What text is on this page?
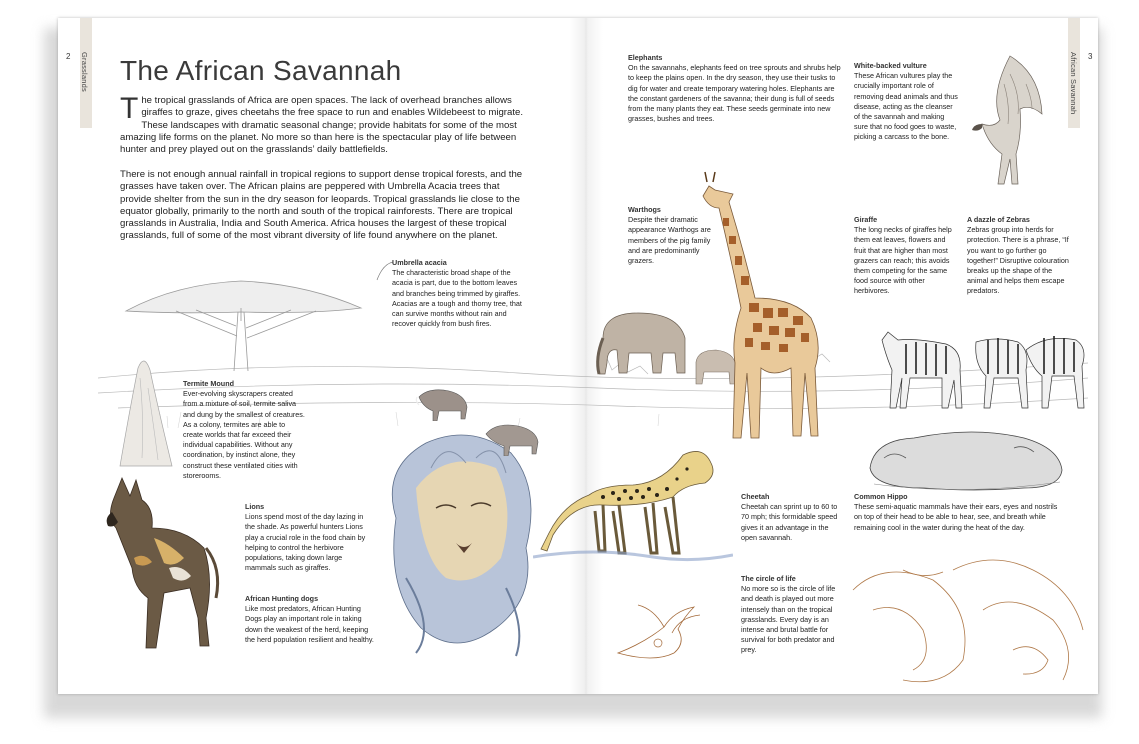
2 Grasslands The African Savannah

The tropical grasslands of Africa are open spaces. The lack of overhead branches allows giraffes to graze, gives cheetahs the free space to run and enables Wildebeest to migrate. These landscapes with dramatic seasonal change; provide habitats for some of the most amazing life forms on the planet. No more so than here is the spectacular play of life between hunter and prey played out on the grasslands’ daily battlefields.

There is not enough annual rainfall in tropical regions to support dense tropical forests, and the grasses have taken over. The African plains are peppered with Umbrella Acacia trees that provide shelter from the sun in the dry season for leopards. Tropical grasslands lie close to the equator globally, primarily to the north and south of the tropical rainforests. There are tropical grasslands in Australia, India and South America. Africa houses the largest of these tropical grasslands, full of some of the most vibrant diversity of life found anywhere on the planet.

African Savannah 3
Umbrella acacia
The characteristic broad shape of the acacia is part, due to the bottom leaves and branches being trimmed by giraffes. Acacias are a tough and thorny tree, that can survive months without rain and recover quickly from bush fires.
Termite Mound
Ever-evolving skyscrapers created from a mixture of soil, termite saliva and dung by the smallest of creatures. As a colony, termites are able to create worlds that far exceed their individual capabilities. Without any coordination, by instinct alone, they construct these ventilated cities with storerooms.
Lions
Lions spend most of the day lazing in the shade. As powerful hunters Lions play a crucial role in the food chain by helping to control the herbivore populations, taking down large mammals such as giraffes.
African Hunting dogs
Like most predators, African Hunting Dogs play an important role in taking down the weakest of the herd, keeping the herd population resilient and healthy.
Elephants
On the savannahs, elephants feed on tree sprouts and shrubs help to keep the plains open. In the dry season, they use their tusks to dig for water and create temporary watering holes. Elephants are the constant gardeners of the savanna; their dung is full of seeds from the many plants they eat. These seeds germinate into new grasses, bushes and trees.
White-backed vulture
These African vultures play the crucially important role of removing dead animals and thus disease, acting as the cleanser of the savannah and making sure that no food goes to waste, picking a carcass to the bone.
Warthogs
Despite their dramatic appearance Warthogs are members of the pig family and are predominantly grazers.
Giraffe
The long necks of giraffes help them eat leaves, flowers and fruit that are higher than most grazers can reach; this avoids them competing for the same food source with other herbivores.
A dazzle of Zebras
Zebras group into herds for protection. There is a phrase, “If you want to go further go together!” Disruptive colouration breaks up the shape of the animal and helps them escape predators.
Cheetah
Cheetah can sprint up to 60 to 70 mph; this formidable speed gives it an advantage in the open savannah.
Common Hippo
These semi-aquatic mammals have their ears, eyes and nostrils on top of their head to be able to hear, see, and breath while remaining cool in the water during the heat of the day.
The circle of life
No more so is the circle of life and death is played out more intensely than on the tropical grasslands. Every day is an intense and brutal battle for survival for both predator and prey.
